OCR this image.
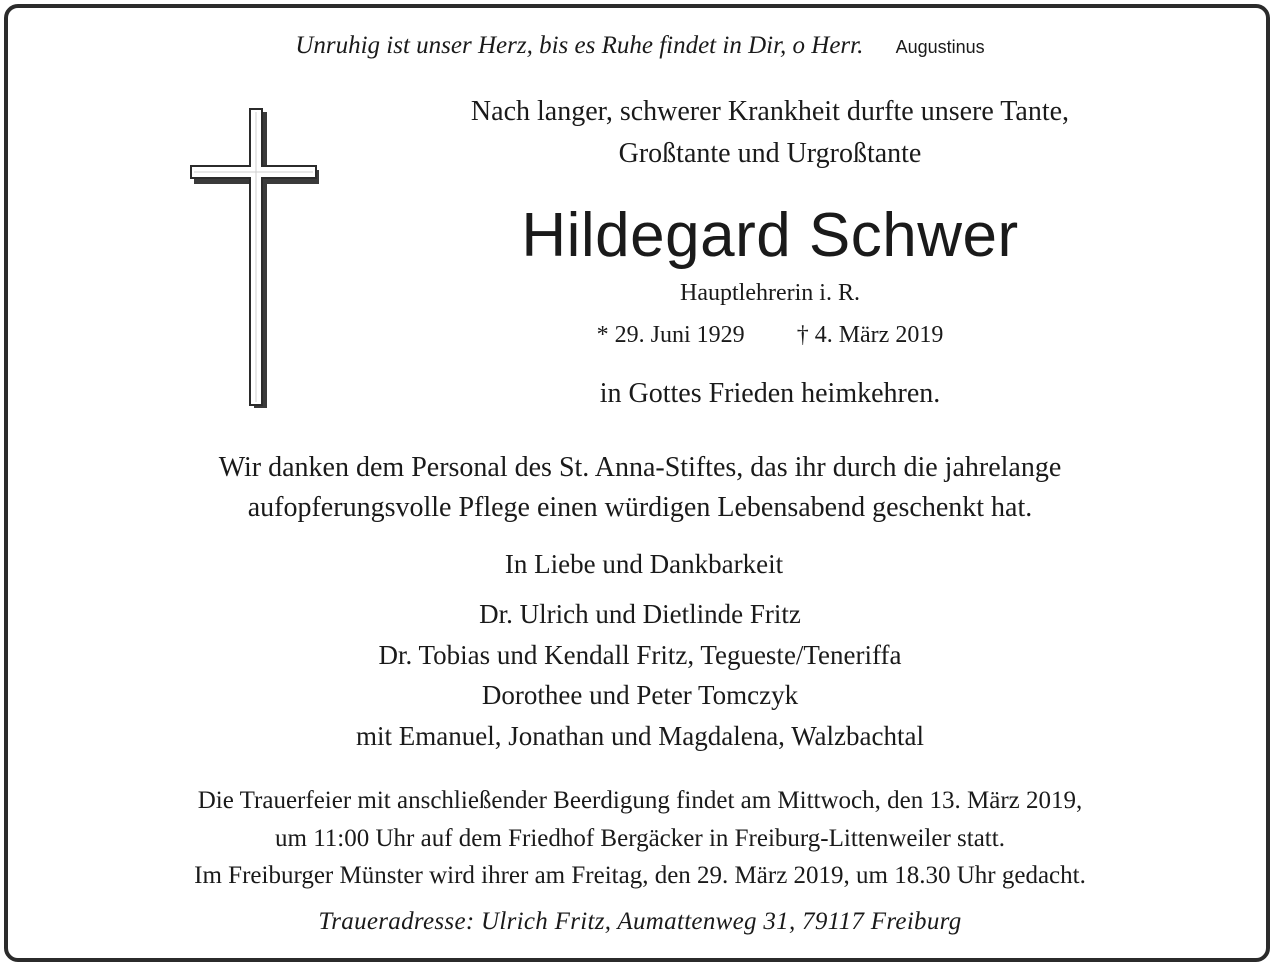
Unruhig ist unser Herz, bis es Ruhe findet in Dir, o Herr. Augustinus
Nach langer, schwerer Krankheit durfte unsere Tante,
Großtante und Urgroßtante
Hildegard Schwer
Hauptlehrerin i. R.
* 29. Juni 1929 † 4. März 2019
in Gottes Frieden heimkehren.
Wir danken dem Personal des St. Anna-Stiftes, das ihr durch die jahrelange
aufopferungsvolle Pflege einen würdigen Lebensabend geschenkt hat.
In Liebe und Dankbarkeit
Dr. Ulrich und Dietlinde Fritz
Dr. Tobias und Kendall Fritz, Tegueste/Teneriffa
Dorothee und Peter Tomczyk
mit Emanuel, Jonathan und Magdalena, Walzbachtal
Die Trauerfeier mit anschließender Beerdigung findet am Mittwoch, den 13. März 2019,
um 11:00 Uhr auf dem Friedhof Bergäcker in Freiburg-Littenweiler statt.
Im Freiburger Münster wird ihrer am Freitag, den 29. März 2019, um 18.30 Uhr gedacht.
Traueradresse: Ulrich Fritz, Aumattenweg 31, 79117 Freiburg
